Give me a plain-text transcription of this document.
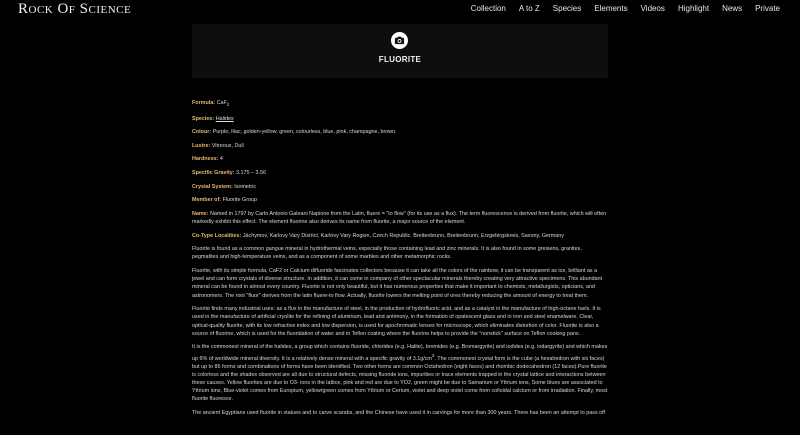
Rock Of Science	Collection A to Z Species Elements Videos Highlight News Private
FLUORITE

Formula: CaF$_2$

Species: Halides

Colour: Purple, lilac, golden-yellow, green, colourless, blue, pink, champagne, brown.

Lustre: Vitreous, Dull

Hardness: 4

Specific Gravity: 3.175 – 3.56

Crystal System: Isometric

Member of: Fluorite Group

Name: Named in 1797 by Carlo Antonio Galeani Napione from the Latin, fluere = "to flow" (for its use as a flux). The term fluorescence is derived from fluorite, which will often markedly exhibit this effect. The element fluorine also derives its name from fluorite, a major source of the element.

Co-Type Localities: Jáchymov, Karlovy Vary District, Karlovy Vary Region, Czech Republic. Breitenbrunn, Breitenbrunn, Erzgebirgskreis, Saxony, Germany

Fluorite is found as a common gangue mineral in hydrothermal veins, especially those containing lead and zinc minerals. It is also found in some greisens, granites, pegmatites and high-temperature veins, and as a component of some marbles and other metamorphic rocks.

Fluorite, with its simple formula, CaF2 or Calcium difluoride fascinates collectors because it can take all the colors of the rainbow, it can be transparent as ice, brilliant as a jewel and can form crystals of diverse structure. In addition, it can come in company of other spectacular minerals thereby creating very attractive specimens. This abundant mineral can be found in almost every country. Fluorite is not only beautiful, but it has numerous properties that make it important to chemists, metallurgists, opticians, and astronomers. The root "fluor" derives from the latin fluere-to flow. Actually, fluorite lowers the melting point of ores thereby reducing the amount of energy to treat them.

Fluorite finds many industrial uses: as a flux in the manufacture of steel, in the production of hydrofluoric acid, and as a catalyst in the manufacture of high-octane fuels. It is used in the manufacture of artificial cryolite for the refining of aluminum, lead and antimony, in the formation of opalescent glass and in iron and steel enamelware. Clear, optical-quality fluorite, with its low refractive index and low dispersion, is used for apochromatic lenses for microscope, which eliminates distortion of color. Fluorite is also a source of fluorine, which is used for the fluoridation of water and in Teflon coating where the fluorine helps to provide the "nonstick" surface on Teflon cooking pans.

It is the commonest mineral of the halides, a group which contains fluoride, chlorides (e.g. Halite), bromides (e.g. Bromargyrite) and iodides (e.g. iodargyrite) and which makes up 6% of worldwide mineral diversity. It is a relatively dense mineral with a specific gravity of $3.1g/cm^3$. The commonest crystal form is the cube (a hexahedron with six faces) but up to 85 forms and combinations of forms have been identified. Two other forms are common Octahedron (eight faces) and rhombic dodecahedron (12 faces).Pure fluorite is colorless and the shades observed are all due to structural defects, missing fluoride ions, impurities or trace elements trapped in the crystal lattice and interactions between these causes. Yellow fluorites are due to O3- ions in the lattice, pink and red are due to YO2, green might be due to Samarium or Yttrium ions, Some blues are associated to Yttrium ions, Blue-violet comes from Europium, yellow/green comes from Yttrium or Cerium, violet and deep violet come from colloidal calcium or from irradiation. Finally, most fluorite fluoresce.

The ancient Egyptians used fluorite in statues and to carve scarabs, and the Chinese have used it in carvings for more than 300 years. There has been an attempt to pass off
